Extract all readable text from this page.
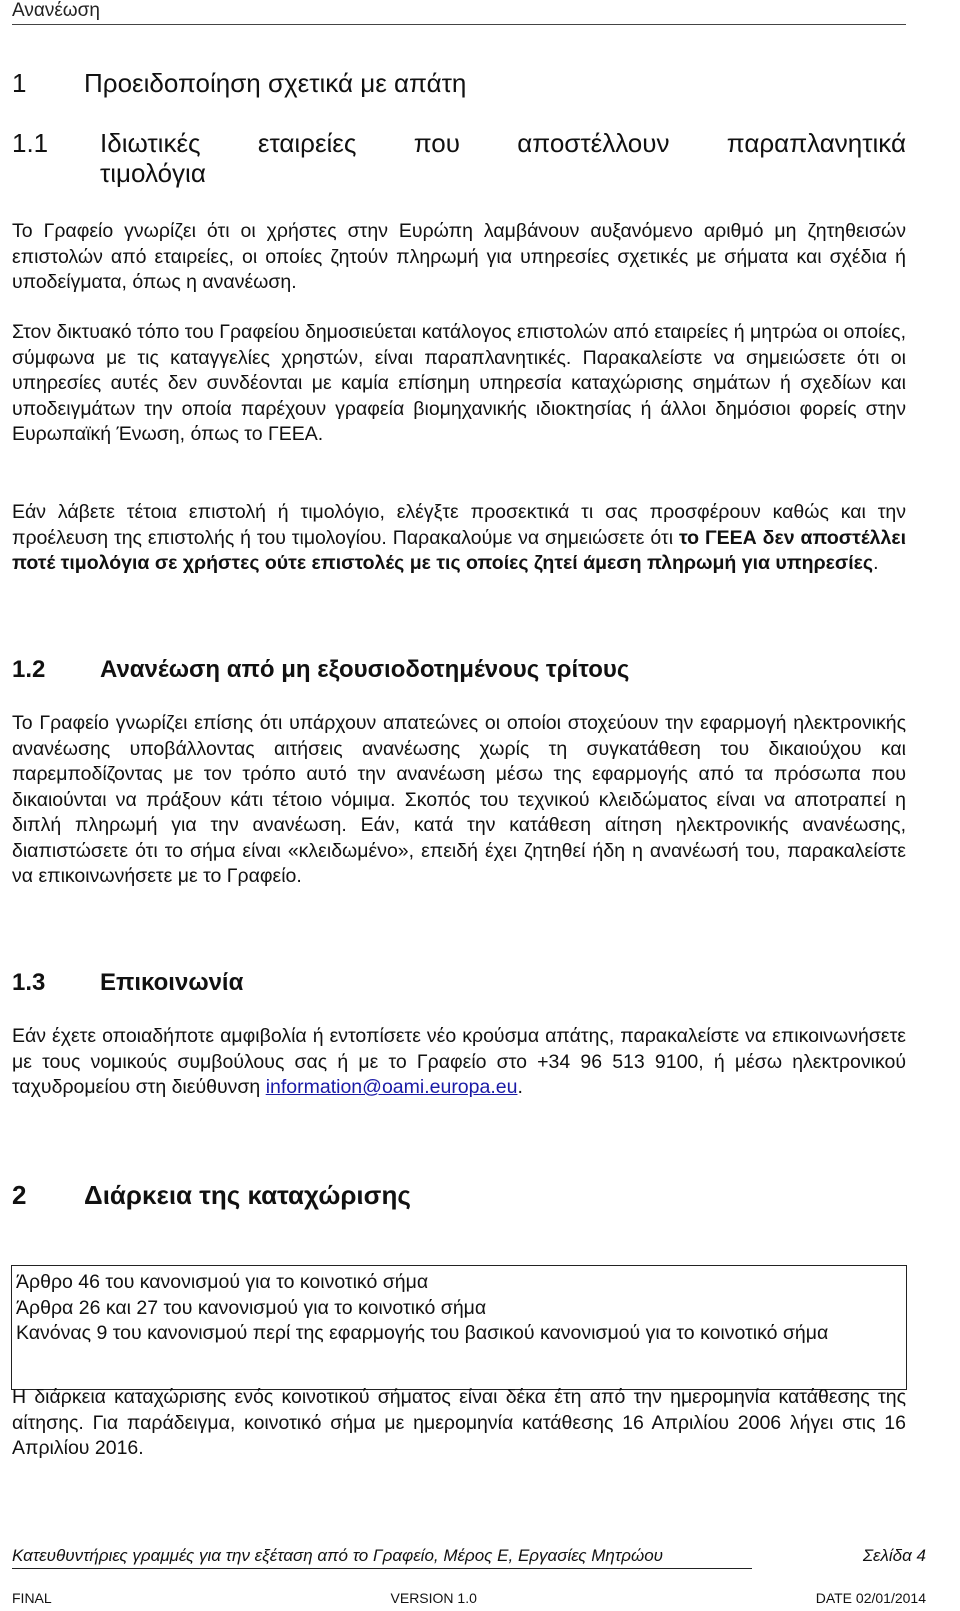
Ανανέωση
1 Προειδοποίηση σχετικά με απάτη
1.1	Ιδιωτικές εταιρείες που αποστέλλουν παραπλανητικά
τιμολόγια

Το Γραφείο γνωρίζει ότι οι χρήστες στην Ευρώπη λαμβάνουν αυξανόμενο αριθμό μη ζητηθεισών επιστολών από εταιρείες, οι οποίες ζητούν πληρωμή για υπηρεσίες σχετικές με σήματα και σχέδια ή υποδείγματα, όπως η ανανέωση.

Στον δικτυακό τόπο του Γραφείου δημοσιεύεται κατάλογος επιστολών από εταιρείες ή μητρώα οι οποίες, σύμφωνα με τις καταγγελίες χρηστών, είναι παραπλανητικές. Παρακαλείστε να σημειώσετε ότι οι υπηρεσίες αυτές δεν συνδέονται με καμία επίσημη υπηρεσία καταχώρισης σημάτων ή σχεδίων και υποδειγμάτων την οποία παρέχουν γραφεία βιομηχανικής ιδιοκτησίας ή άλλοι δημόσιοι φορείς στην Ευρωπαϊκή Ένωση, όπως το ΓΕΕΑ.

Εάν λάβετε τέτοια επιστολή ή τιμολόγιο, ελέγξτε προσεκτικά τι σας προσφέρουν καθώς και την προέλευση της επιστολής ή του τιμολογίου. Παρακαλούμε να σημειώσετε ότι το ΓΕΕΑ δεν αποστέλλει ποτέ τιμολόγια σε χρήστες ούτε επιστολές με τις οποίες ζητεί άμεση πληρωμή για υπηρεσίες.

1.2 Ανανέωση από μη εξουσιοδοτημένους τρίτους

Το Γραφείο γνωρίζει επίσης ότι υπάρχουν απατεώνες οι οποίοι στοχεύουν την εφαρμογή ηλεκτρονικής ανανέωσης υποβάλλοντας αιτήσεις ανανέωσης χωρίς τη συγκατάθεση του δικαιούχου και παρεμποδίζοντας με τον τρόπο αυτό την ανανέωση μέσω της εφαρμογής από τα πρόσωπα που δικαιούνται να πράξουν κάτι τέτοιο νόμιμα. Σκοπός του τεχνικού κλειδώματος είναι να αποτραπεί η διπλή πληρωμή για την ανανέωση. Εάν, κατά την κατάθεση αίτηση ηλεκτρονικής ανανέωσης, διαπιστώσετε ότι το σήμα είναι «κλειδωμένο», επειδή έχει ζητηθεί ήδη η ανανέωσή του, παρακαλείστε να επικοινωνήσετε με το Γραφείο.

1.3 Επικοινωνία

Εάν έχετε οποιαδήποτε αμφιβολία ή εντοπίσετε νέο κρούσμα απάτης, παρακαλείστε να επικοινωνήσετε με τους νομικούς συμβούλους σας ή με το Γραφείο στο +34 96 513 9100, ή μέσω ηλεκτρονικού ταχυδρομείου στη διεύθυνση information@oami.europa.eu.

2 Διάρκεια της καταχώρισης
Άρθρο 46 του κανονισμού για το κοινοτικό σήμα
Άρθρα 26 και 27 του κανονισμού για το κοινοτικό σήμα
Κανόνας 9 του κανονισμού περί της εφαρμογής του βασικού κανονισμού για το κοινοτικό σήμα

Η διάρκεια καταχώρισης ενός κοινοτικού σήματος είναι δέκα έτη από την ημερομηνία κατάθεσης της αίτησης. Για παράδειγμα, κοινοτικό σήμα με ημερομηνία κατάθεσης 16 Απριλίου 2006 λήγει στις 16 Απριλίου 2016.

Κατευθυντήριες γραμμές για την εξέταση από το Γραφείο, Μέρος Ε, Εργασίες Μητρώου	Σελίδα 4
FINAL	VERSION 1.0	DATE 02/01/2014
